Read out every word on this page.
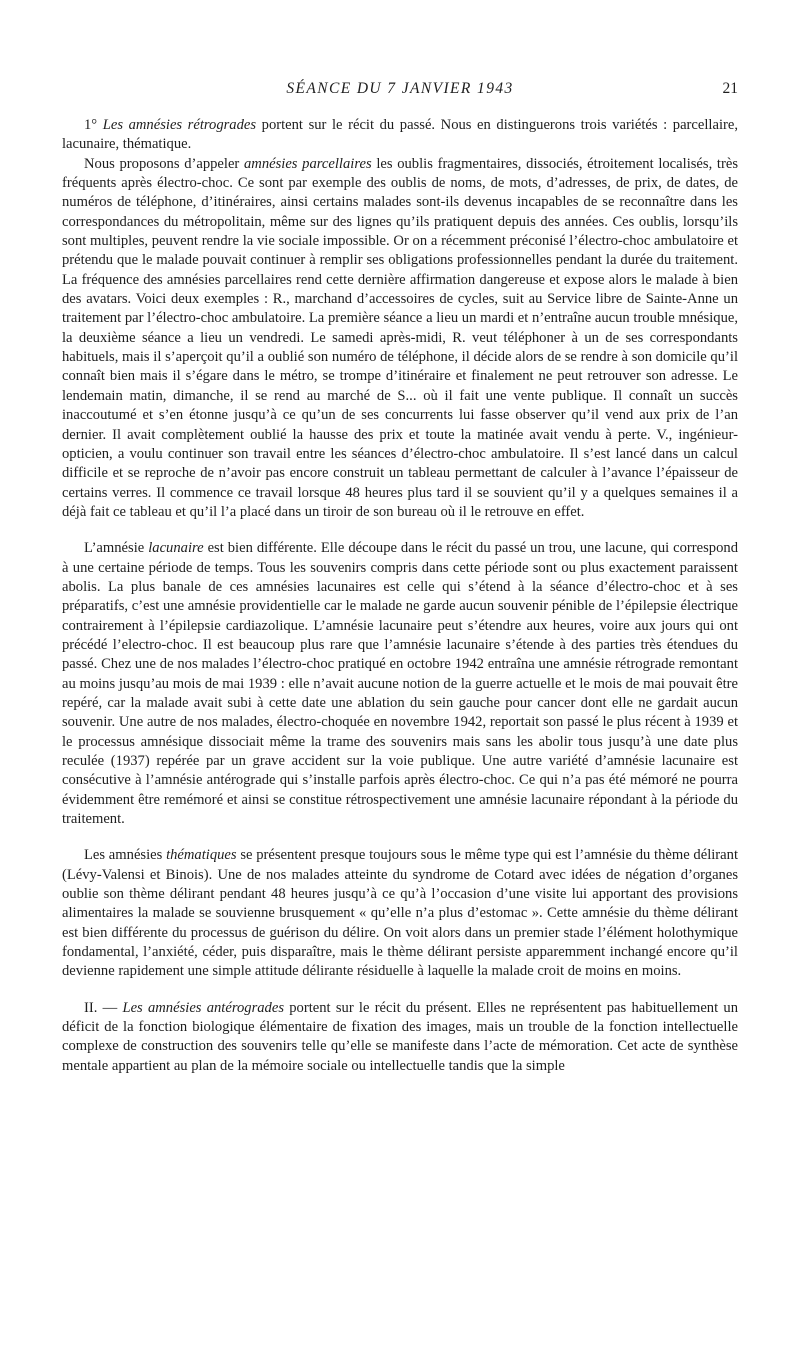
SÉANCE DU 7 JANVIER 1943	21

1° Les amnésies rétrogrades portent sur le récit du passé. Nous en distinguerons trois variétés : parcellaire, lacunaire, thématique.

Nous proposons d’appeler amnésies parcellaires les oublis fragmentaires, dissociés, étroitement localisés, très fréquents après électro-choc. Ce sont par exemple des oublis de noms, de mots, d’adresses, de prix, de dates, de numéros de téléphone, d’itinéraires, ainsi certains malades sont-ils devenus incapables de se reconnaître dans les correspondances du métropolitain, même sur des lignes qu’ils pratiquent depuis des années. Ces oublis, lorsqu’ils sont multiples, peuvent rendre la vie sociale impossible. Or on a récemment préconisé l’électro-choc ambulatoire et prétendu que le malade pouvait continuer à remplir ses obligations professionnelles pendant la durée du traitement. La fréquence des amnésies parcellaires rend cette dernière affirmation dangereuse et expose alors le malade à bien des avatars. Voici deux exemples : R., marchand d’accessoires de cycles, suit au Service libre de Sainte-Anne un traitement par l’électro-choc ambulatoire. La première séance a lieu un mardi et n’entraîne aucun trouble mnésique, la deuxième séance a lieu un vendredi. Le samedi après-midi, R. veut téléphoner à un de ses correspondants habituels, mais il s’aperçoit qu’il a oublié son numéro de téléphone, il décide alors de se rendre à son domicile qu’il connaît bien mais il s’égare dans le métro, se trompe d’itinéraire et finalement ne peut retrouver son adresse. Le lendemain matin, dimanche, il se rend au marché de S... où il fait une vente publique. Il connaît un succès inaccoutumé et s’en étonne jusqu’à ce qu’un de ses concurrents lui fasse observer qu’il vend aux prix de l’an dernier. Il avait complètement oublié la hausse des prix et toute la matinée avait vendu à perte. V., ingénieur-opticien, a voulu continuer son travail entre les séances d’électro-choc ambulatoire. Il s’est lancé dans un calcul difficile et se reproche de n’avoir pas encore construit un tableau permettant de calculer à l’avance l’épaisseur de certains verres. Il commence ce travail lorsque 48 heures plus tard il se souvient qu’il y a quelques semaines il a déjà fait ce tableau et qu’il l’a placé dans un tiroir de son bureau où il le retrouve en effet.

L’amnésie lacunaire est bien différente. Elle découpe dans le récit du passé un trou, une lacune, qui correspond à une certaine période de temps. Tous les souvenirs compris dans cette période sont ou plus exactement paraissent abolis. La plus banale de ces amnésies lacunaires est celle qui s’étend à la séance d’électro-choc et à ses préparatifs, c’est une amnésie providentielle car le malade ne garde aucun souvenir pénible de l’épilepsie électrique contrairement à l’épilepsie cardiazolique. L’amnésie lacunaire peut s’étendre aux heures, voire aux jours qui ont précédé l’electro-choc. Il est beaucoup plus rare que l’amnésie lacunaire s’étende à des parties très étendues du passé. Chez une de nos malades l’électro-choc pratiqué en octobre 1942 entraîna une amnésie rétrograde remontant au moins jusqu’au mois de mai 1939 : elle n’avait aucune notion de la guerre actuelle et le mois de mai pouvait être repéré, car la malade avait subi à cette date une ablation du sein gauche pour cancer dont elle ne gardait aucun souvenir. Une autre de nos malades, électro-choquée en novembre 1942, reportait son passé le plus récent à 1939 et le processus amnésique dissociait même la trame des souvenirs mais sans les abolir tous jusqu’à une date plus reculée (1937) repérée par un grave accident sur la voie publique. Une autre variété d’amnésie lacunaire est consécutive à l’amnésie antérograde qui s’installe parfois après électro-choc. Ce qui n’a pas été mémoré ne pourra évidemment être remémoré et ainsi se constitue rétrospectivement une amnésie lacunaire répondant à la période du traitement.

Les amnésies thématiques se présentent presque toujours sous le même type qui est l’amnésie du thème délirant (Lévy-Valensi et Binois). Une de nos malades atteinte du syndrome de Cotard avec idées de négation d’organes oublie son thème délirant pendant 48 heures jusqu’à ce qu’à l’occasion d’une visite lui apportant des provisions alimentaires la malade se souvienne brusquement « qu’elle n’a plus d’estomac ». Cette amnésie du thème délirant est bien différente du processus de guérison du délire. On voit alors dans un premier stade l’élément holothymique fondamental, l’anxiété, céder, puis disparaître, mais le thème délirant persiste apparemment inchangé encore qu’il devienne rapidement une simple attitude délirante résiduelle à laquelle la malade croit de moins en moins.

II. — Les amnésies antérogrades portent sur le récit du présent. Elles ne représentent pas habituellement un déficit de la fonction biologique élémentaire de fixation des images, mais un trouble de la fonction intellectuelle complexe de construction des souvenirs telle qu’elle se manifeste dans l’acte de mémoration. Cet acte de synthèse mentale appartient au plan de la mémoire sociale ou intellectuelle tandis que la simple
